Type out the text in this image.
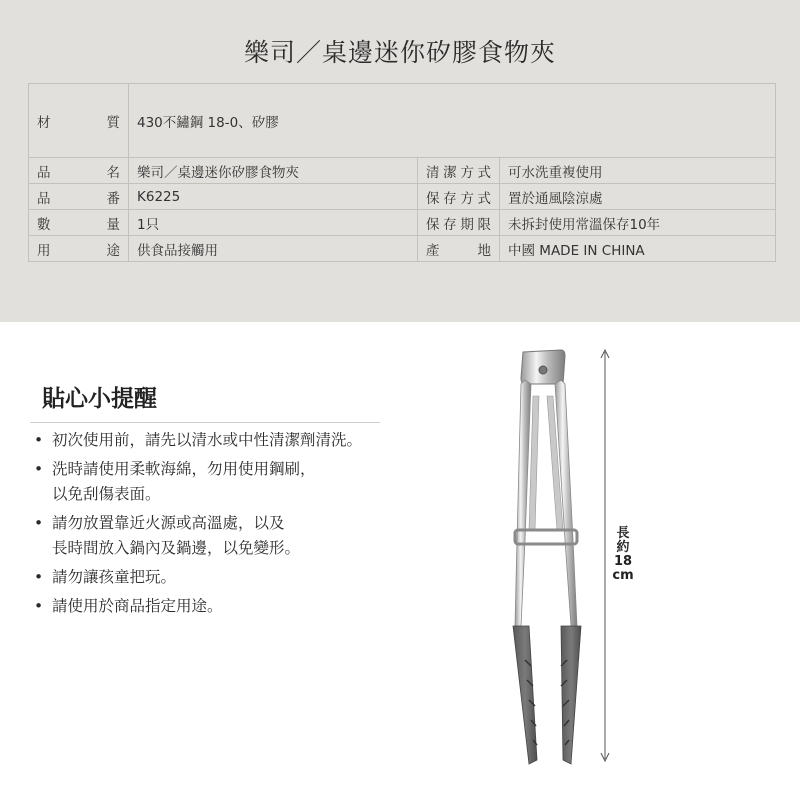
樂司／桌邊迷你矽膠食物夾
材質	430不鏽鋼 18-0、矽膠		
品名	樂司／桌邊迷你矽膠食物夾	清潔方式	可水洗重複使用
品番	K6225	保存方式	置於通風陰涼處
數量	1只	保存期限	未拆封使用常溫保存10年
用途	供食品接觸用	產地	中國 MADE IN CHINA
貼心小提醒
• 初次使用前，請先以清水或中性清潔劑清洗。
• 洗時請使用柔軟海綿，勿用使用鋼刷，
以免刮傷表面。
• 請勿放置靠近火源或高溫處，以及
長時間放入鍋內及鍋邊，以免變形。
• 請勿讓孩童把玩。
• 請使用於商品指定用途。
長
約
18
cm
